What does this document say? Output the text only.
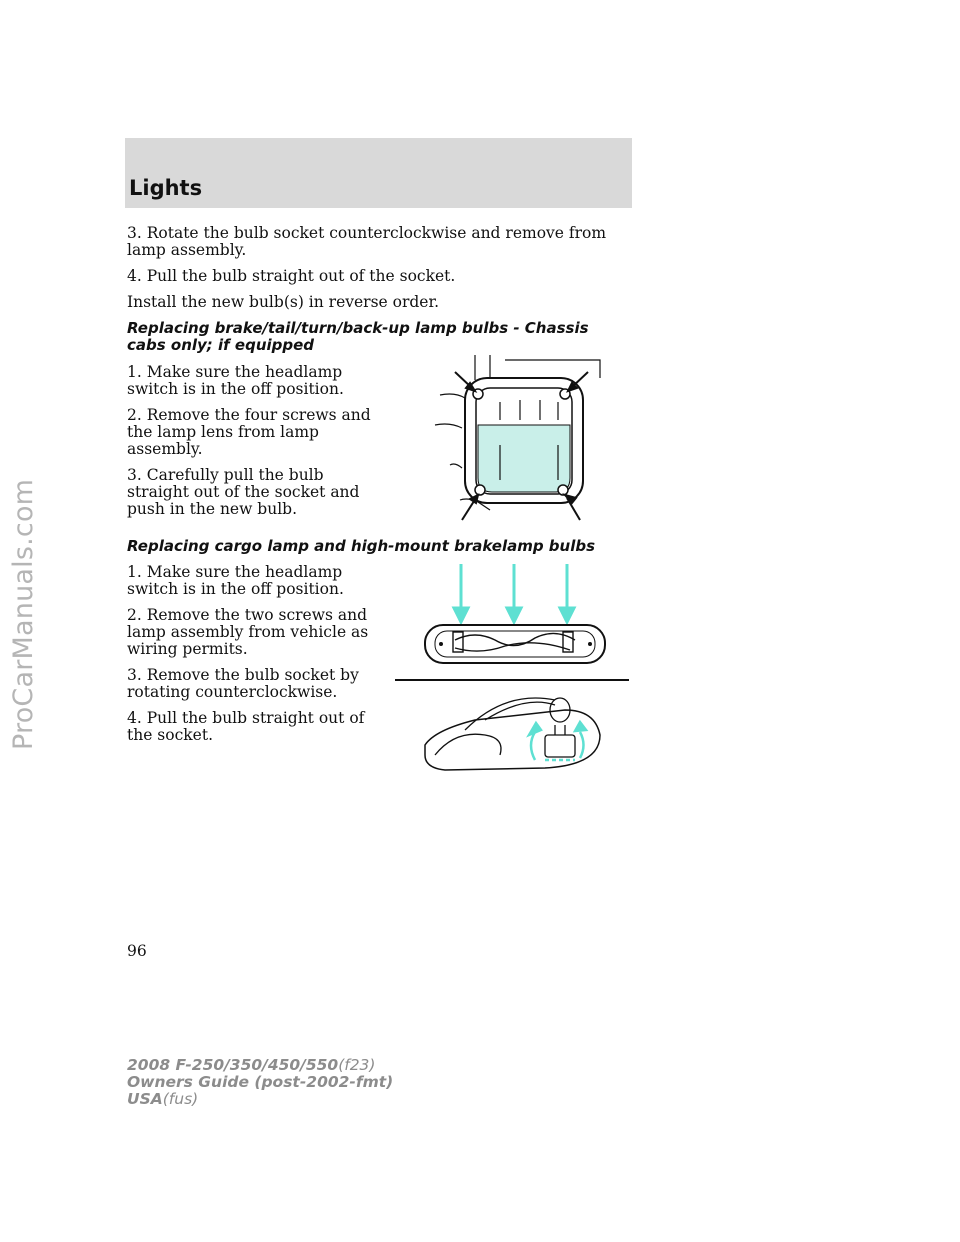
ProCarManuals.com
Lights

3. Rotate the bulb socket counterclockwise and remove from lamp assembly.

4. Pull the bulb straight out of the socket.

Install the new bulb(s) in reverse order.

Replacing brake/tail/turn/back-up lamp bulbs - Chassis cabs only; if equipped

1. Make sure the headlamp switch is in the off position.

2. Remove the four screws and the lamp lens from lamp assembly.

3. Carefully pull the bulb straight out of the socket and push in the new bulb.

Replacing cargo lamp and high-mount brakelamp bulbs

1. Make sure the headlamp switch is in the off position.

2. Remove the two screws and lamp assembly from vehicle as wiring permits.

3. Remove the bulb socket by rotating counterclockwise.

4. Pull the bulb straight out of the socket.

96
2008 F-250/350/450/550(f23)
Owners Guide (post-2002-fmt)
USA(fus)
